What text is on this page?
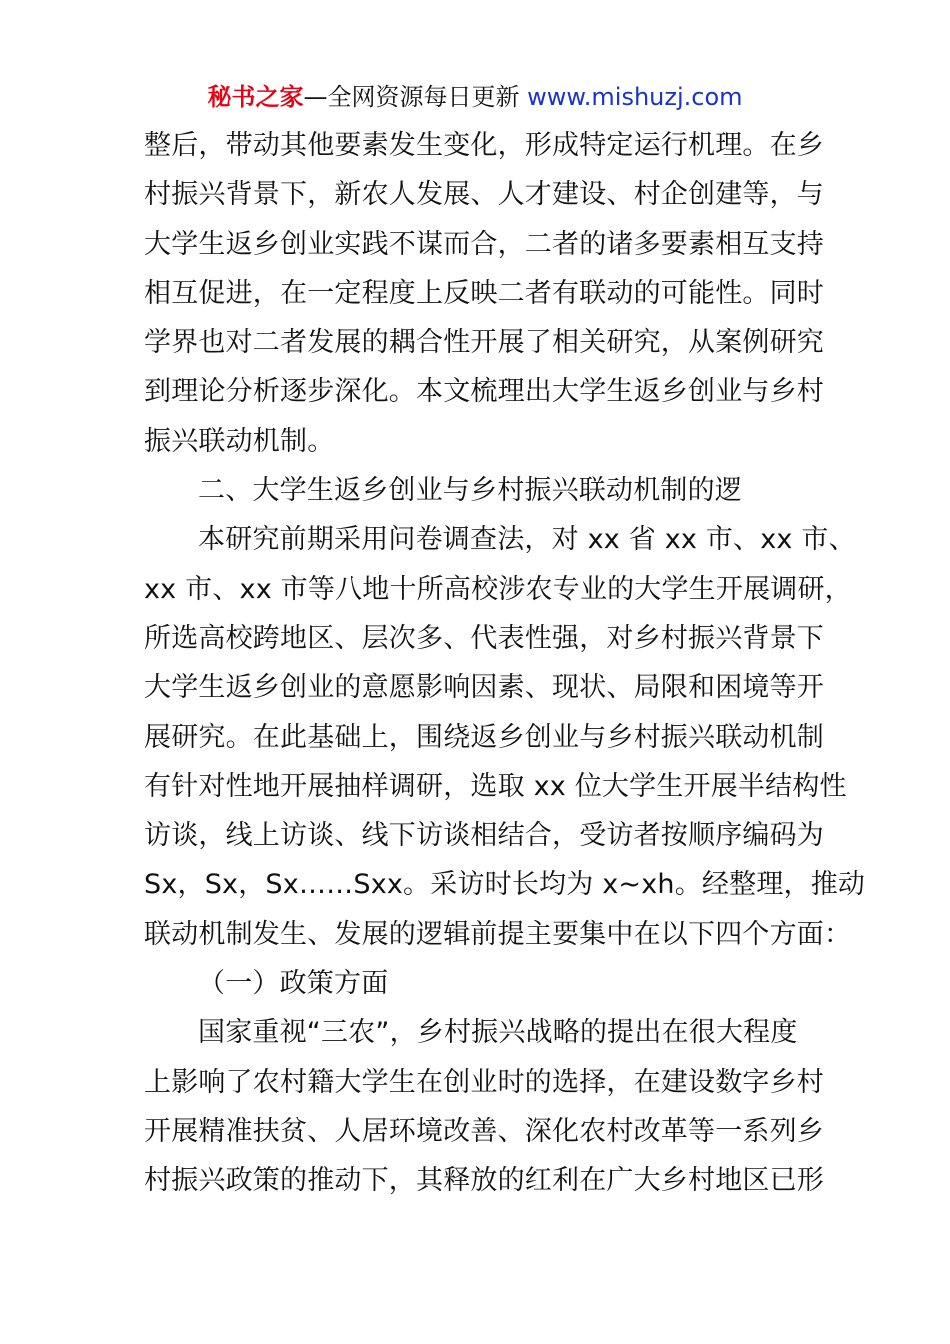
秘书之家—全网资源每日更新 www.mishuzj.com
整后，带动其他要素发生变化，形成特定运行机理。在乡
村振兴背景下，新农人发展、人才建设、村企创建等，与
大学生返乡创业实践不谋而合，二者的诸多要素相互支持
相互促进，在一定程度上反映二者有联动的可能性。同时
学界也对二者发展的耦合性开展了相关研究，从案例研究
到理论分析逐步深化。本文梳理出大学生返乡创业与乡村
振兴联动机制。
二、大学生返乡创业与乡村振兴联动机制的逻
本研究前期采用问卷调查法，对 xx 省 xx 市、xx 市、
xx 市、xx 市等八地十所高校涉农专业的大学生开展调研，
所选高校跨地区、层次多、代表性强，对乡村振兴背景下
大学生返乡创业的意愿影响因素、现状、局限和困境等开
展研究。在此基础上，围绕返乡创业与乡村振兴联动机制
有针对性地开展抽样调研，选取 xx 位大学生开展半结构性
访谈，线上访谈、线下访谈相结合，受访者按顺序编码为
Sx，Sx，Sx……Sxx。采访时长均为 x~xh。经整理，推动
联动机制发生、发展的逻辑前提主要集中在以下四个方面：
（一）政策方面
国家重视“三农”，乡村振兴战略的提出在很大程度
上影响了农村籍大学生在创业时的选择，在建设数字乡村
开展精准扶贫、人居环境改善、深化农村改革等一系列乡
村振兴政策的推动下，其释放的红利在广大乡村地区已形
